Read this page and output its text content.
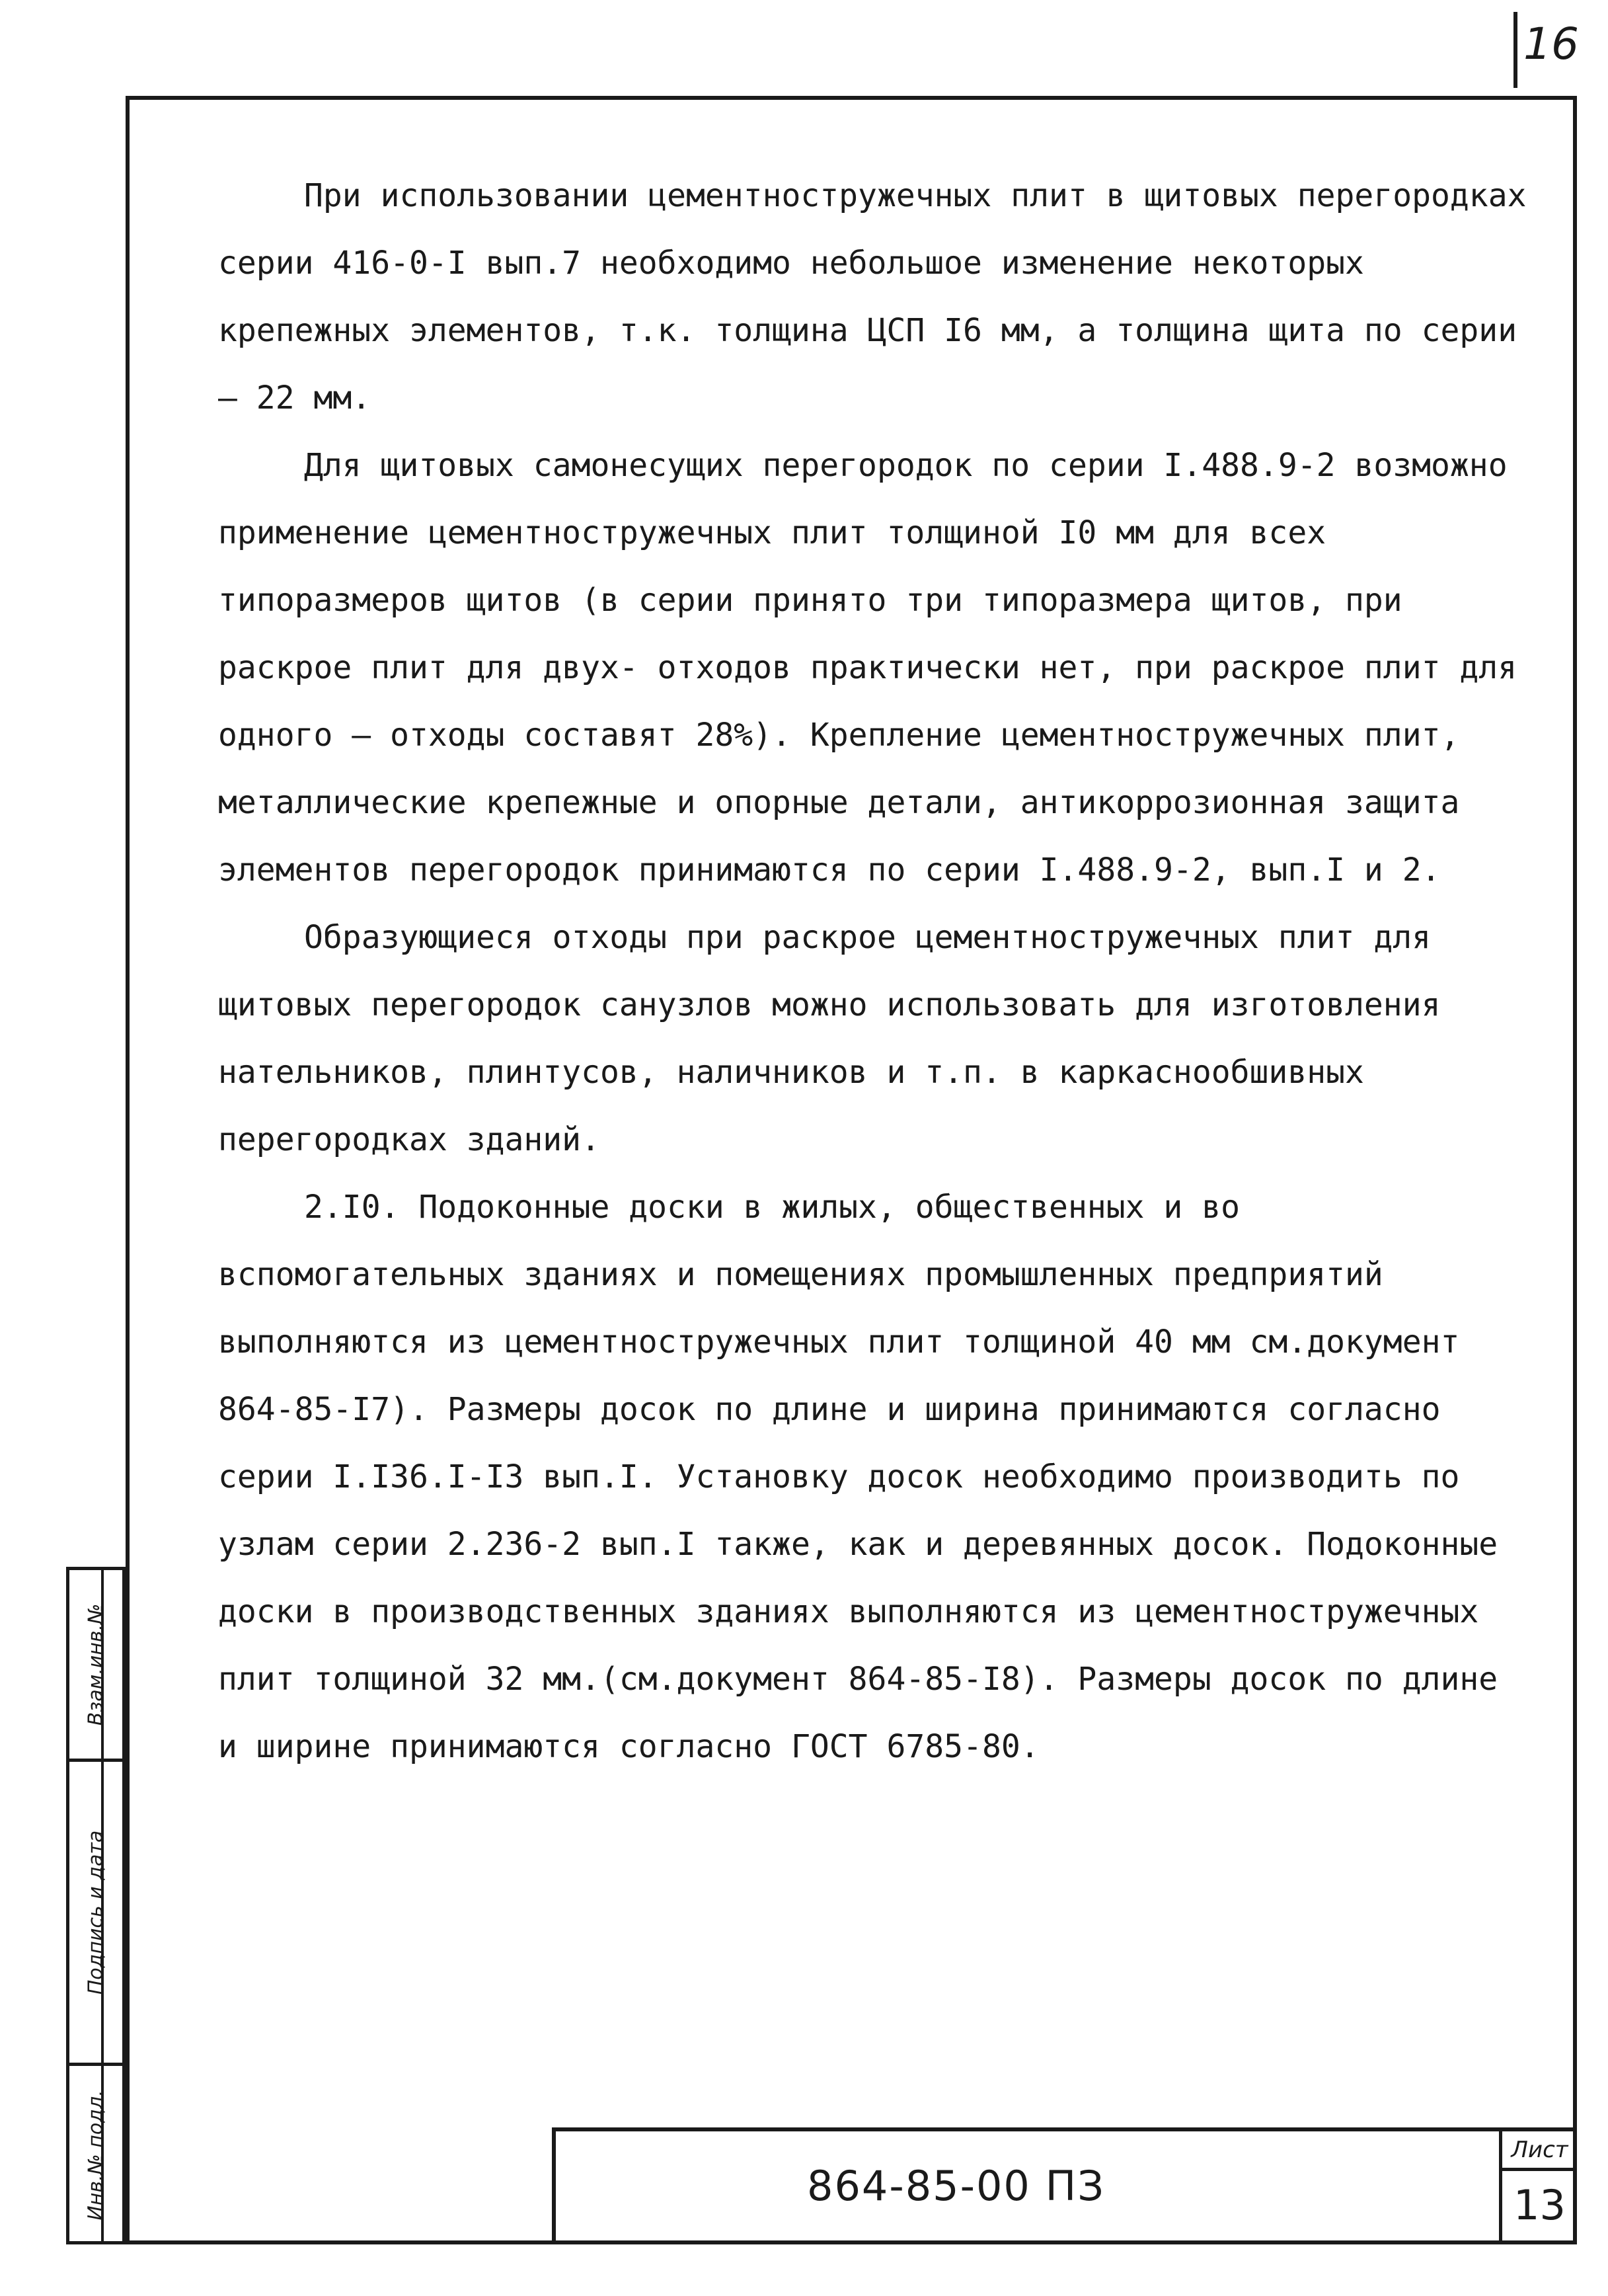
16

При использовании цементностружечных плит в щитовых перегородках серии 416-0-I вып.7 необходимо небольшое изменение некоторых крепежных элементов, т.к. толщина ЦСП I6 мм, а толщина щита по серии – 22 мм.

Для щитовых самонесущих перегородок по серии I.488.9-2 возможно применение цементностружечных плит толщиной I0 мм для всех типоразмеров щитов (в серии принято три типоразмера щитов, при раскрое плит для двух- отходов практически нет, при раскрое плит для одного – отходы составят 28%). Крепление цементностружечных плит, металлические крепежные и опорные детали, антикоррозионная защита элементов перегородок принимаются по серии I.488.9-2, вып.I и 2.

Образующиеся отходы при раскрое цементностружечных плит для щитовых перегородок санузлов можно использовать для изготовления нательников, плинтусов, наличников и т.п. в каркаснообшивных перегородках зданий.

2.I0. Подоконные доски в жилых, общественных и во вспомогательных зданиях и помещениях промышленных предприятий выполняются из цементностружечных плит толщиной 40 мм см.документ 864-85-I7). Размеры досок по длине и ширина принимаются согласно серии I.I36.I-I3 вып.I. Установку досок необходимо производить по узлам серии 2.236-2 вып.I также, как и деревянных досок. Подоконные доски в производственных зданиях выполняются из цементностружечных плит толщиной 32 мм.(см.документ 864-85-I8). Размеры досок по длине и ширине принимаются согласно ГОСТ 6785-80.

Взам.инв.№
Подпись и дата
Инв.№ подл.	864-85-00 ПЗ
Лист
13
